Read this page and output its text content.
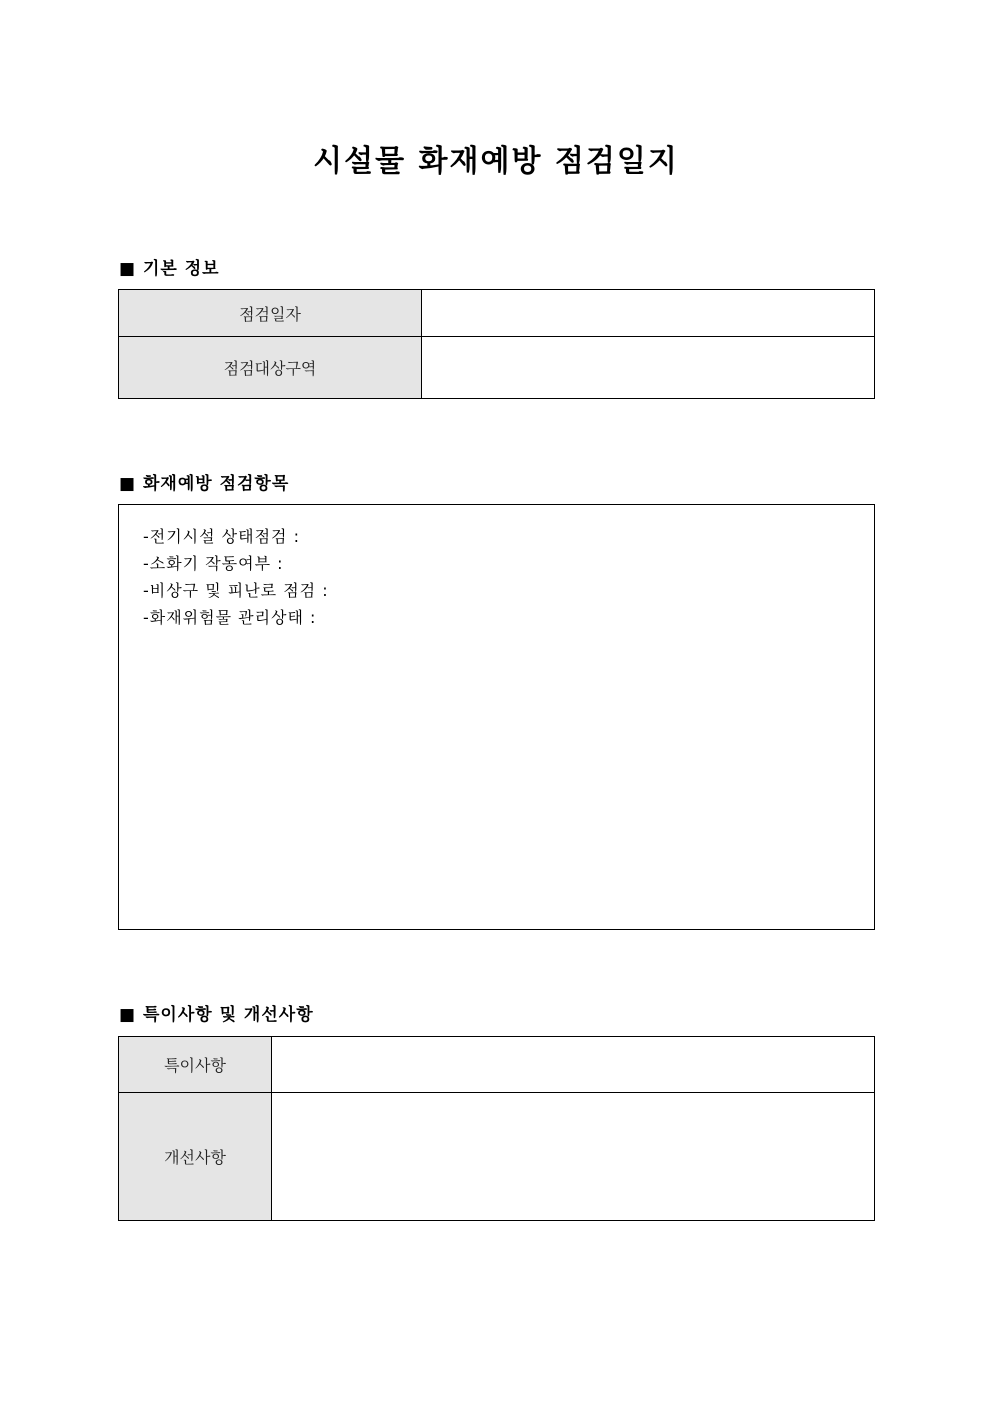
시설물 화재예방 점검일지
■ 기본 정보
점검일자	
점검대상구역	
■ 화재예방 점검항목
-전기시설 상태점검 :
-소화기 작동여부 :
-비상구 및 피난로 점검 :
-화재위험물 관리상태 :
■ 특이사항 및 개선사항
특이사항	
개선사항	
